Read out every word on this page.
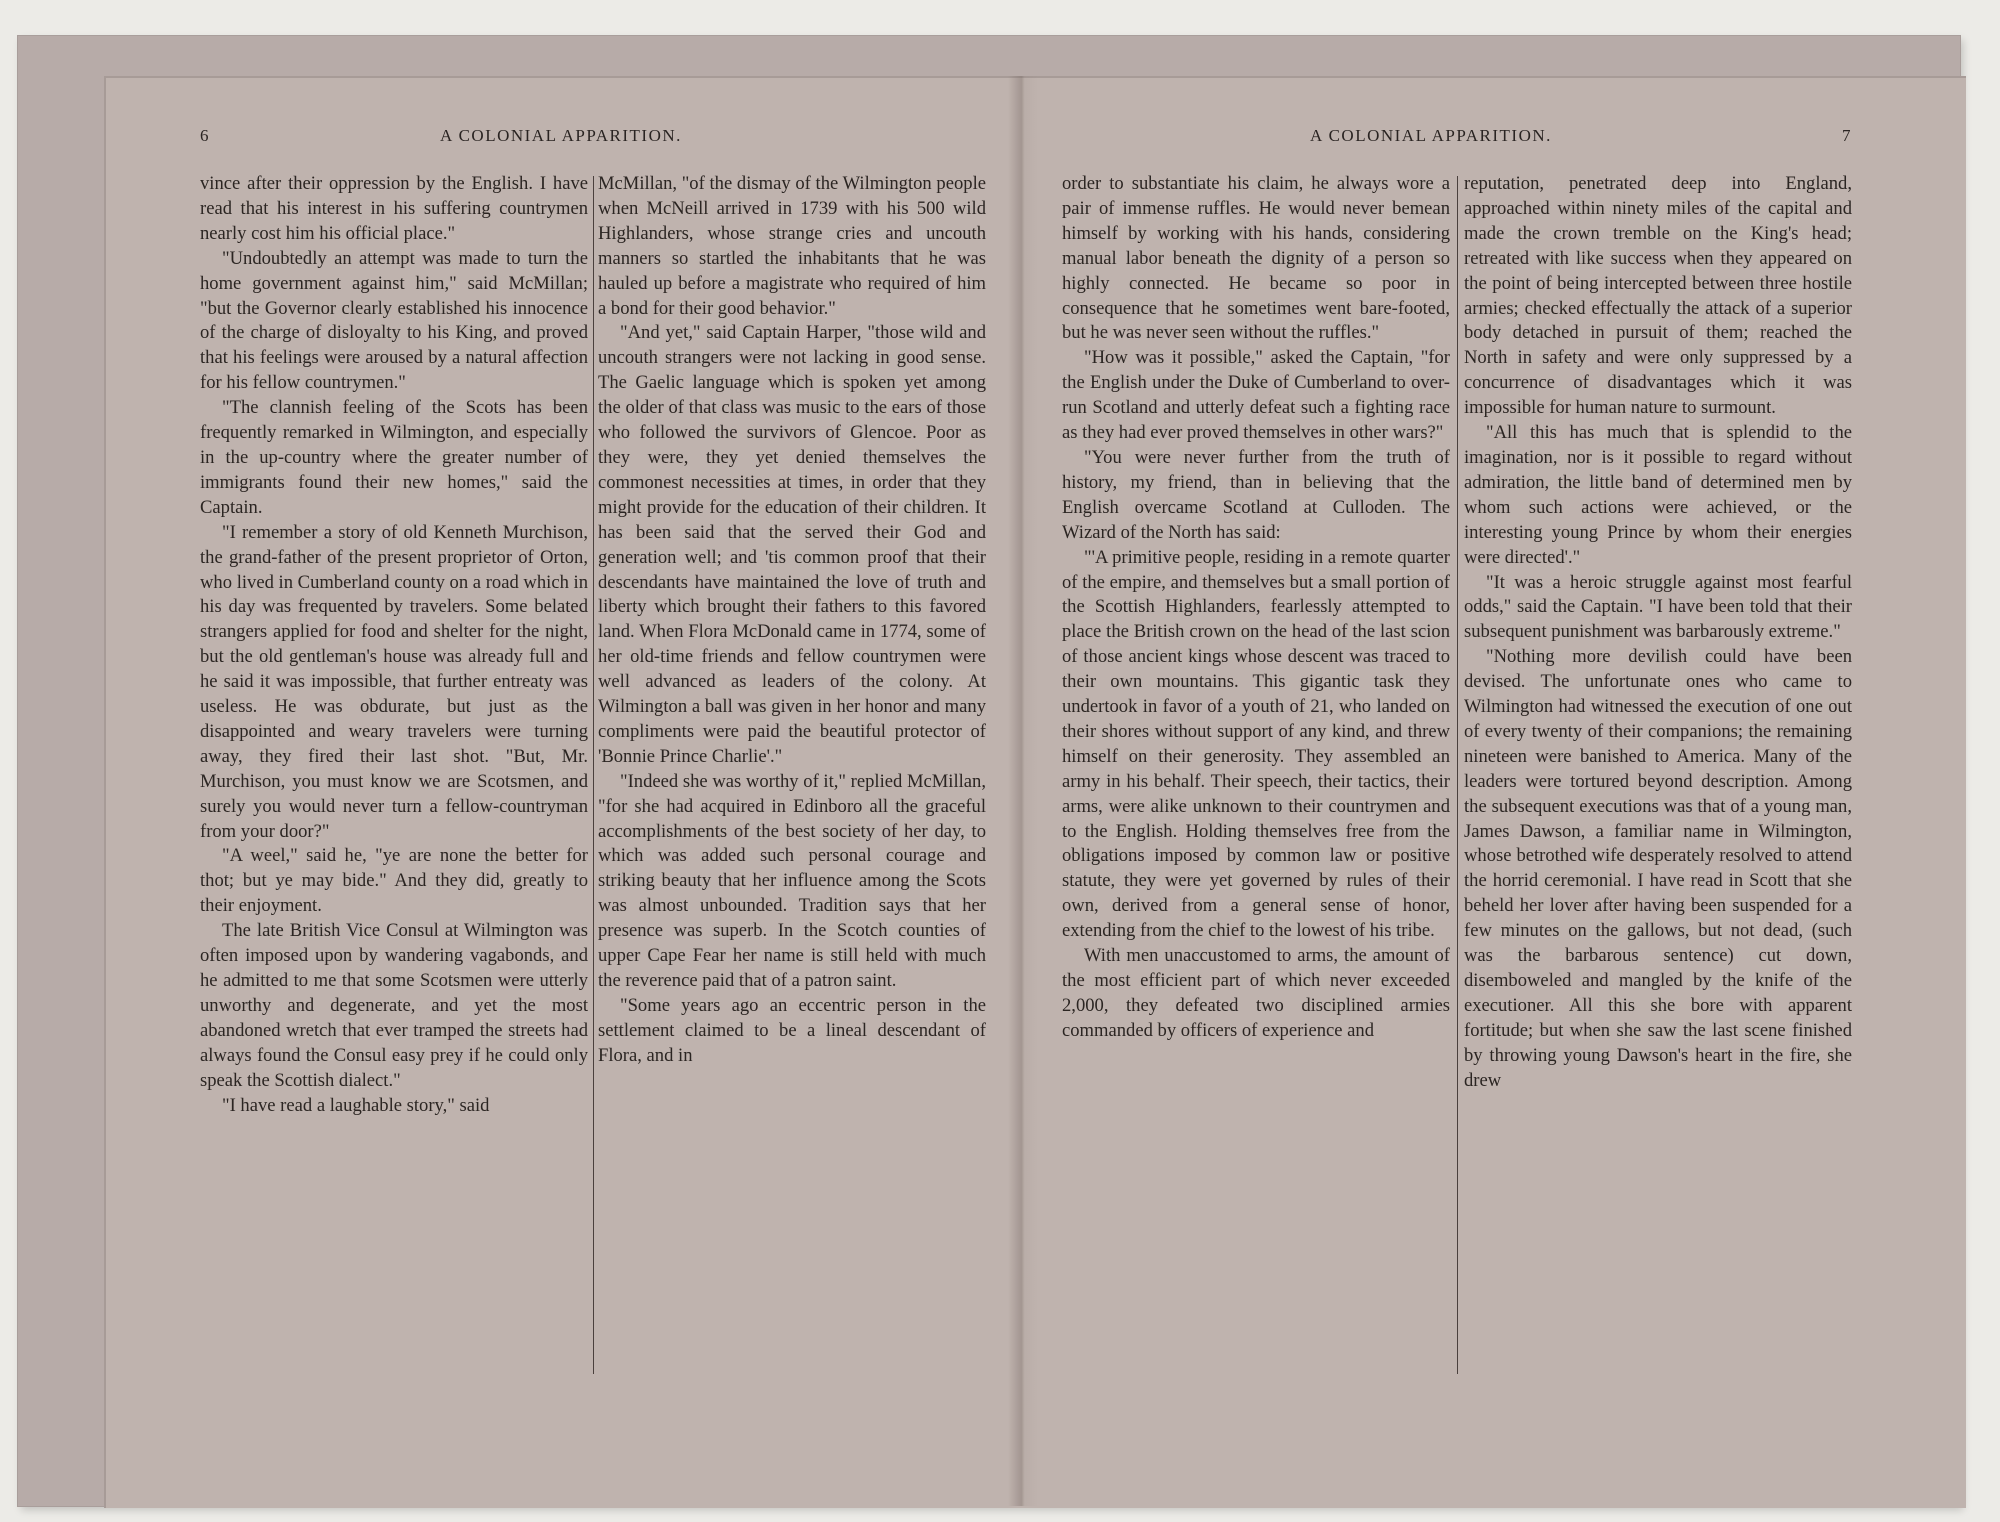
6	A COLONIAL APPARITION.	A COLONIAL APPARITION.	7

vince after their oppression by the English. I have read that his interest in his suffering countrymen nearly cost him his official place."

"Undoubtedly an attempt was made to turn the home government against him," said McMillan; "but the Governor clearly established his innocence of the charge of disloyalty to his King, and proved that his feelings were aroused by a natural affection for his fellow countrymen."

"The clannish feeling of the Scots has been frequently remarked in Wilmington, and especially in the up-country where the greater number of immigrants found their new homes," said the Captain.

"I remember a story of old Kenneth Murchison, the grand-father of the present proprietor of Orton, who lived in Cumberland county on a road which in his day was frequented by travelers. Some belated strangers applied for food and shelter for the night, but the old gentleman's house was already full and he said it was impossible, that further entreaty was useless. He was obdurate, but just as the disappointed and weary travelers were turning away, they fired their last shot. "But, Mr. Murchison, you must know we are Scotsmen, and surely you would never turn a fellow-countryman from your door?"

"A weel," said he, "ye are none the better for thot; but ye may bide." And they did, greatly to their enjoyment.

The late British Vice Consul at Wilmington was often imposed upon by wandering vagabonds, and he admitted to me that some Scotsmen were utterly unworthy and degenerate, and yet the most abandoned wretch that ever tramped the streets had always found the Consul easy prey if he could only speak the Scottish dialect."

"I have read a laughable story," said

McMillan, "of the dismay of the Wilmington people when McNeill arrived in 1739 with his 500 wild Highlanders, whose strange cries and uncouth manners so startled the inhabitants that he was hauled up before a magistrate who required of him a bond for their good behavior."

"And yet," said Captain Harper, "those wild and uncouth strangers were not lacking in good sense. The Gaelic language which is spoken yet among the older of that class was music to the ears of those who followed the survivors of Glencoe. Poor as they were, they yet denied themselves the commonest necessities at times, in order that they might provide for the education of their children. It has been said that the served their God and generation well; and 'tis common proof that their descendants have maintained the love of truth and liberty which brought their fathers to this favored land. When Flora McDonald came in 1774, some of her old-time friends and fellow countrymen were well advanced as leaders of the colony. At Wilmington a ball was given in her honor and many compliments were paid the beautiful protector of 'Bonnie Prince Charlie'."

"Indeed she was worthy of it," replied McMillan, "for she had acquired in Edinboro all the graceful accomplishments of the best society of her day, to which was added such personal courage and striking beauty that her influence among the Scots was almost unbounded. Tradition says that her presence was superb. In the Scotch counties of upper Cape Fear her name is still held with much the reverence paid that of a patron saint.

"Some years ago an eccentric person in the settlement claimed to be a lineal descendant of Flora, and in

order to substantiate his claim, he always wore a pair of immense ruffles. He would never bemean himself by working with his hands, considering manual labor beneath the dignity of a person so highly connected. He became so poor in consequence that he sometimes went bare-footed, but he was never seen without the ruffles."

"How was it possible," asked the Captain, "for the English under the Duke of Cumberland to over-run Scotland and utterly defeat such a fighting race as they had ever proved themselves in other wars?"

"You were never further from the truth of history, my friend, than in believing that the English overcame Scotland at Culloden. The Wizard of the North has said:

"'A primitive people, residing in a remote quarter of the empire, and themselves but a small portion of the Scottish Highlanders, fearlessly attempted to place the British crown on the head of the last scion of those ancient kings whose descent was traced to their own mountains. This gigantic task they undertook in favor of a youth of 21, who landed on their shores without support of any kind, and threw himself on their generosity. They assembled an army in his behalf. Their speech, their tactics, their arms, were alike unknown to their countrymen and to the English. Holding themselves free from the obligations imposed by common law or positive statute, they were yet governed by rules of their own, derived from a general sense of honor, extending from the chief to the lowest of his tribe.

With men unaccustomed to arms, the amount of the most efficient part of which never exceeded 2,000, they defeated two disciplined armies commanded by officers of experience and

reputation, penetrated deep into England, approached within ninety miles of the capital and made the crown tremble on the King's head; retreated with like success when they appeared on the point of being intercepted between three hostile armies; checked effectually the attack of a superior body detached in pursuit of them; reached the North in safety and were only suppressed by a concurrence of disadvantages which it was impossible for human nature to surmount.

"All this has much that is splendid to the imagination, nor is it possible to regard without admiration, the little band of determined men by whom such actions were achieved, or the interesting young Prince by whom their energies were directed'."

"It was a heroic struggle against most fearful odds," said the Captain. "I have been told that their subsequent punishment was barbarously extreme."

"Nothing more devilish could have been devised. The unfortunate ones who came to Wilmington had witnessed the execution of one out of every twenty of their companions; the remaining nineteen were banished to America. Many of the leaders were tortured beyond description. Among the subsequent executions was that of a young man, James Dawson, a familiar name in Wilmington, whose betrothed wife desperately resolved to attend the horrid ceremonial. I have read in Scott that she beheld her lover after having been suspended for a few minutes on the gallows, but not dead, (such was the barbarous sentence) cut down, disemboweled and mangled by the knife of the executioner. All this she bore with apparent fortitude; but when she saw the last scene finished by throwing young Dawson's heart in the fire, she drew
